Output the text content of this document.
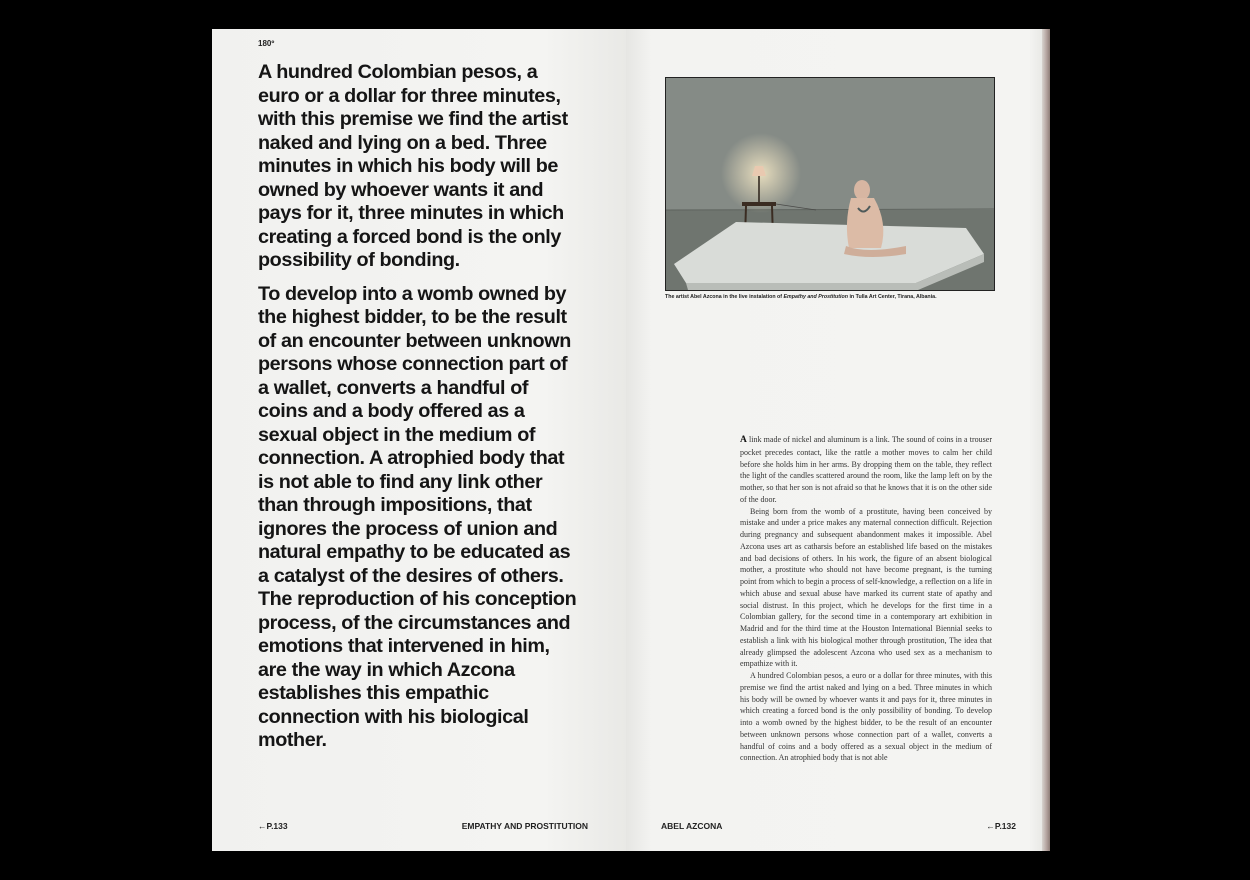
180º

A hundred Colombian pesos, a euro or a dollar for three minutes, with this premise we find the artist naked and lying on a bed. Three minutes in which his body will be owned by whoever wants it and pays for it, three minutes in which creating a forced bond is the only possibility of bonding.

To develop into a womb owned by the highest bidder, to be the result of an encounter between unknown persons whose connection part of a wallet, converts a handful of coins and a body offered as a sexual object in the medium of connection. A atrophied body that is not able to find any link other than through impositions, that ignores the process of union and natural empathy to be educated as a catalyst of the desires of others. The reproduction of his conception process, of the circumstances and emotions that intervened in him, are the way in which Azcona establishes this empathic connection with his biological mother.

←P.133	EMPATHY AND PROSTITUTION
The artist Abel Azcona in the live instalation of Empathy and Prostitution in Tulla Art Center, Tirana, Albania.

A link made of nickel and aluminum is a link. The sound of coins in a trouser pocket precedes contact, like the rattle a mother moves to calm her child before she holds him in her arms. By dropping them on the table, they reflect the light of the candles scattered around the room, like the lamp left on by the mother, so that her son is not afraid so that he knows that it is on the other side of the door.

Being born from the womb of a prostitute, having been conceived by mistake and under a price makes any maternal connection difficult. Rejection during pregnancy and subsequent abandonment makes it impossible. Abel Azcona uses art as catharsis before an established life based on the mistakes and bad decisions of others. In his work, the figure of an absent biological mother, a prostitute who should not have become pregnant, is the turning point from which to begin a process of self-knowledge, a reflection on a life in which abuse and sexual abuse have marked its current state of apathy and social distrust. In this project, which he develops for the first time in a Colombian gallery, for the second time in a contemporary art exhibition in Madrid and for the third time at the Houston International Biennial seeks to establish a link with his biological mother through prostitution, The idea that already glimpsed the adolescent Azcona who used sex as a mechanism to empathize with it.

A hundred Colombian pesos, a euro or a dollar for three minutes, with this premise we find the artist naked and lying on a bed. Three minutes in which his body will be owned by whoever wants it and pays for it, three minutes in which creating a forced bond is the only possibility of bonding. To develop into a womb owned by the highest bidder, to be the result of an encounter between unknown persons whose connection part of a wallet, converts a handful of coins and a body offered as a sexual object in the medium of connection. An atrophied body that is not able

ABEL AZCONA	←P.132
